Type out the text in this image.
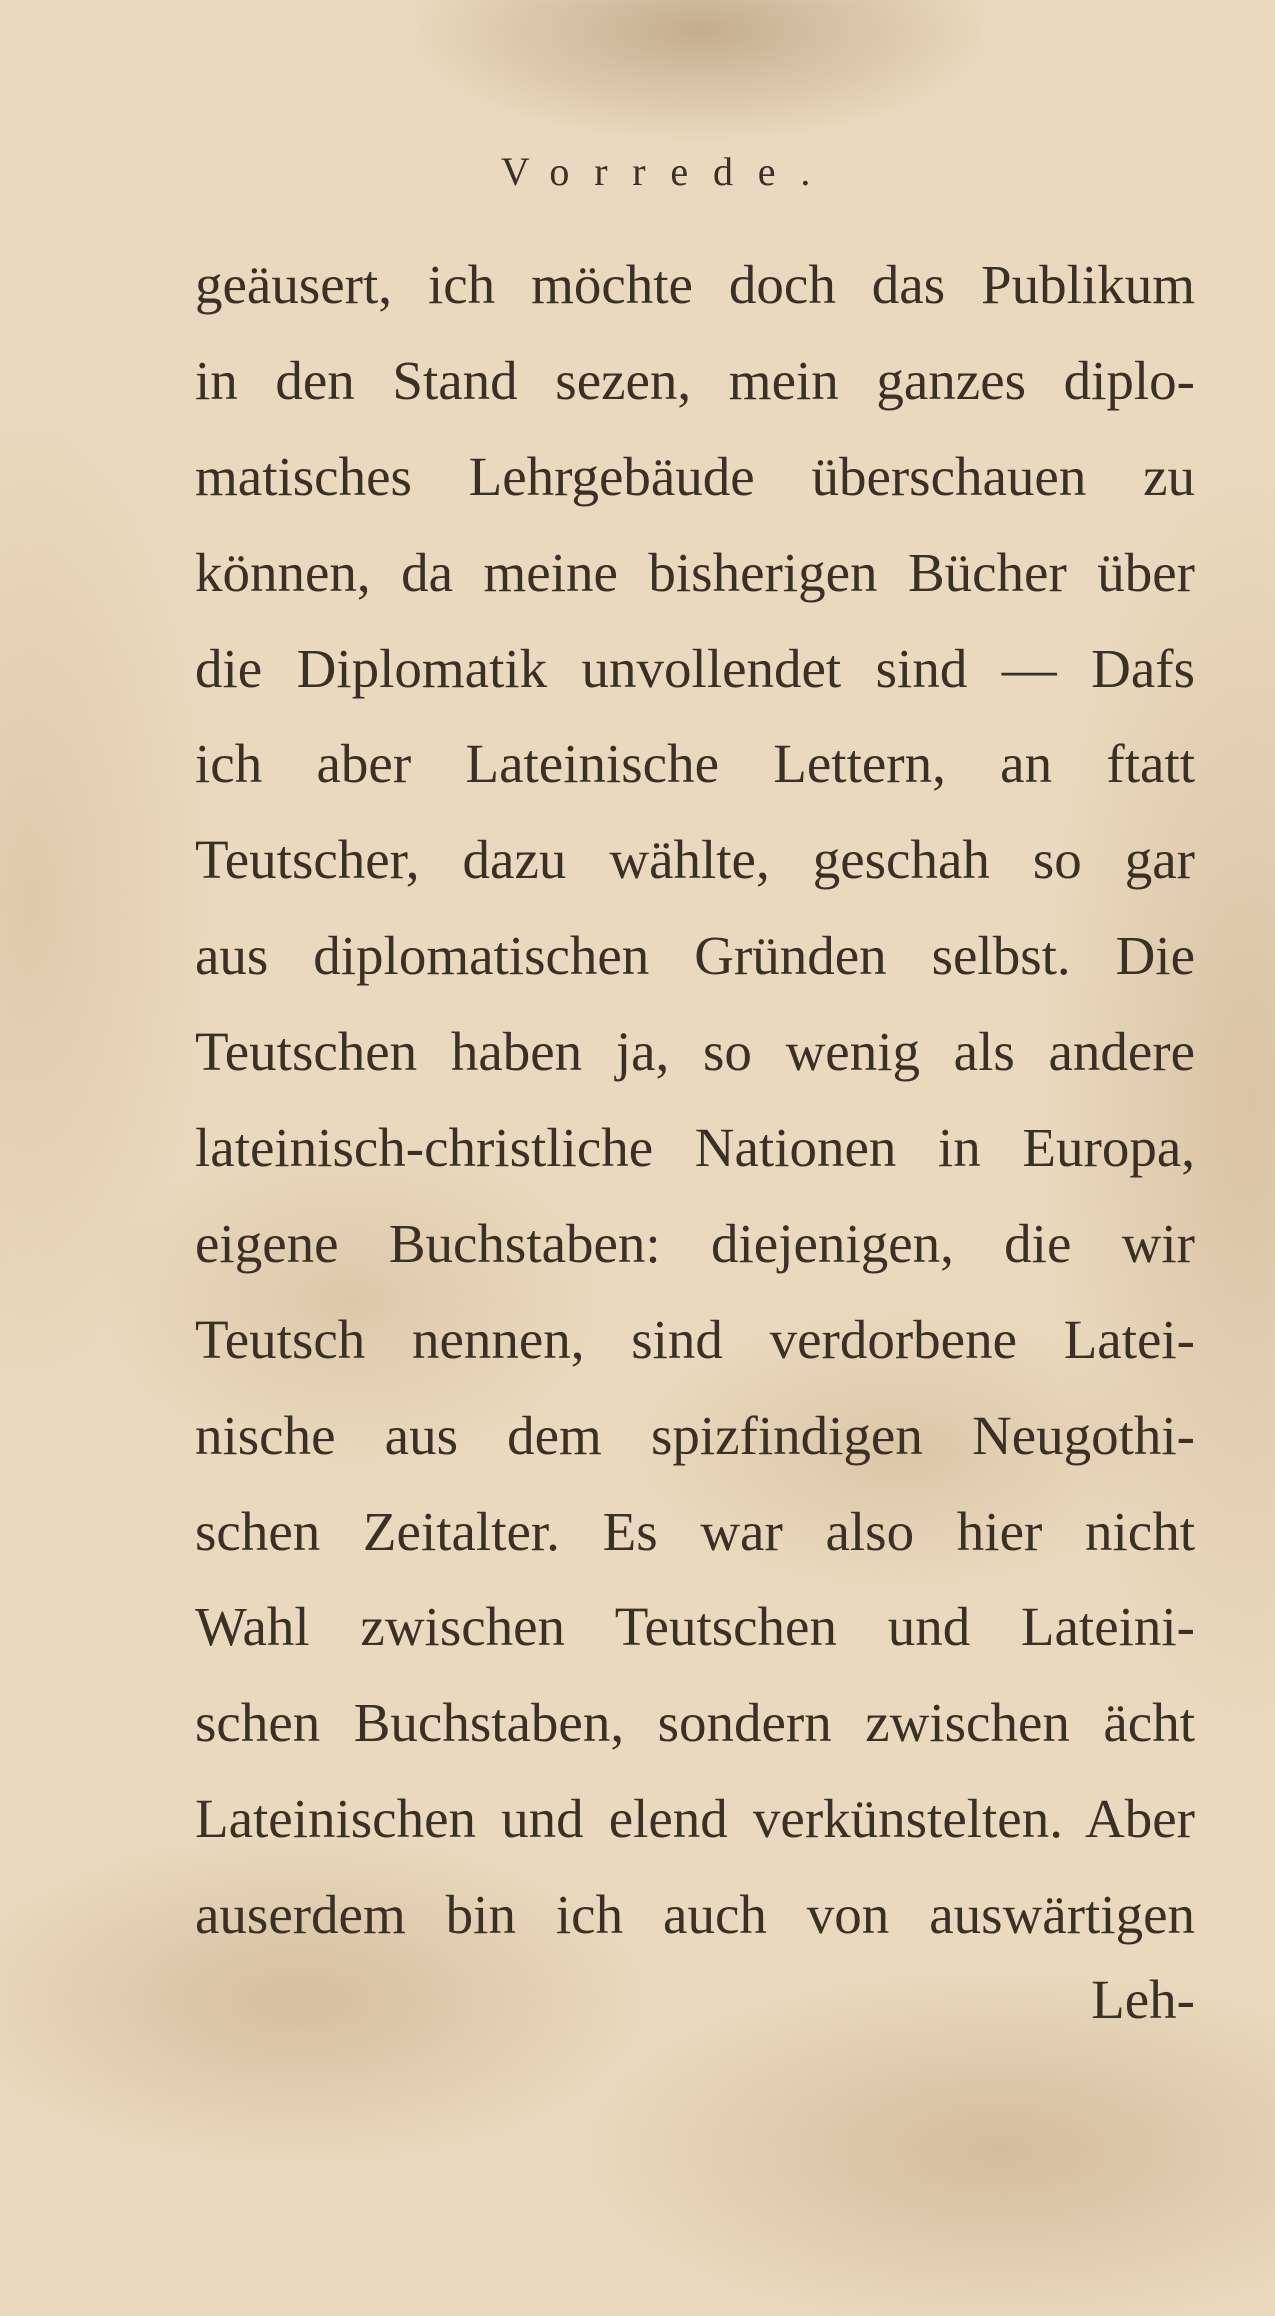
Vorrede.
geäusert, ich möchte doch das Publikum
in den Stand sezen, mein ganzes diplo-
matisches Lehrgebäude überschauen zu
können, da meine bisherigen Bücher über
die Diplomatik unvollendet sind — Dafs
ich aber Lateinische Lettern, an ftatt
Teutscher, dazu wählte, geschah so gar
aus diplomatischen Gründen selbst. Die
Teutschen haben ja, so wenig als andere
lateinisch-christliche Nationen in Europa,
eigene Buchstaben: diejenigen, die wir
Teutsch nennen, sind verdorbene Latei-
nische aus dem spizfindigen Neugothi-
schen Zeitalter. Es war also hier nicht
Wahl zwischen Teutschen und Lateini-
schen Buchstaben, sondern zwischen ächt
Lateinischen und elend verkünstelten. Aber
auserdem bin ich auch von auswärtigen
Leh-
